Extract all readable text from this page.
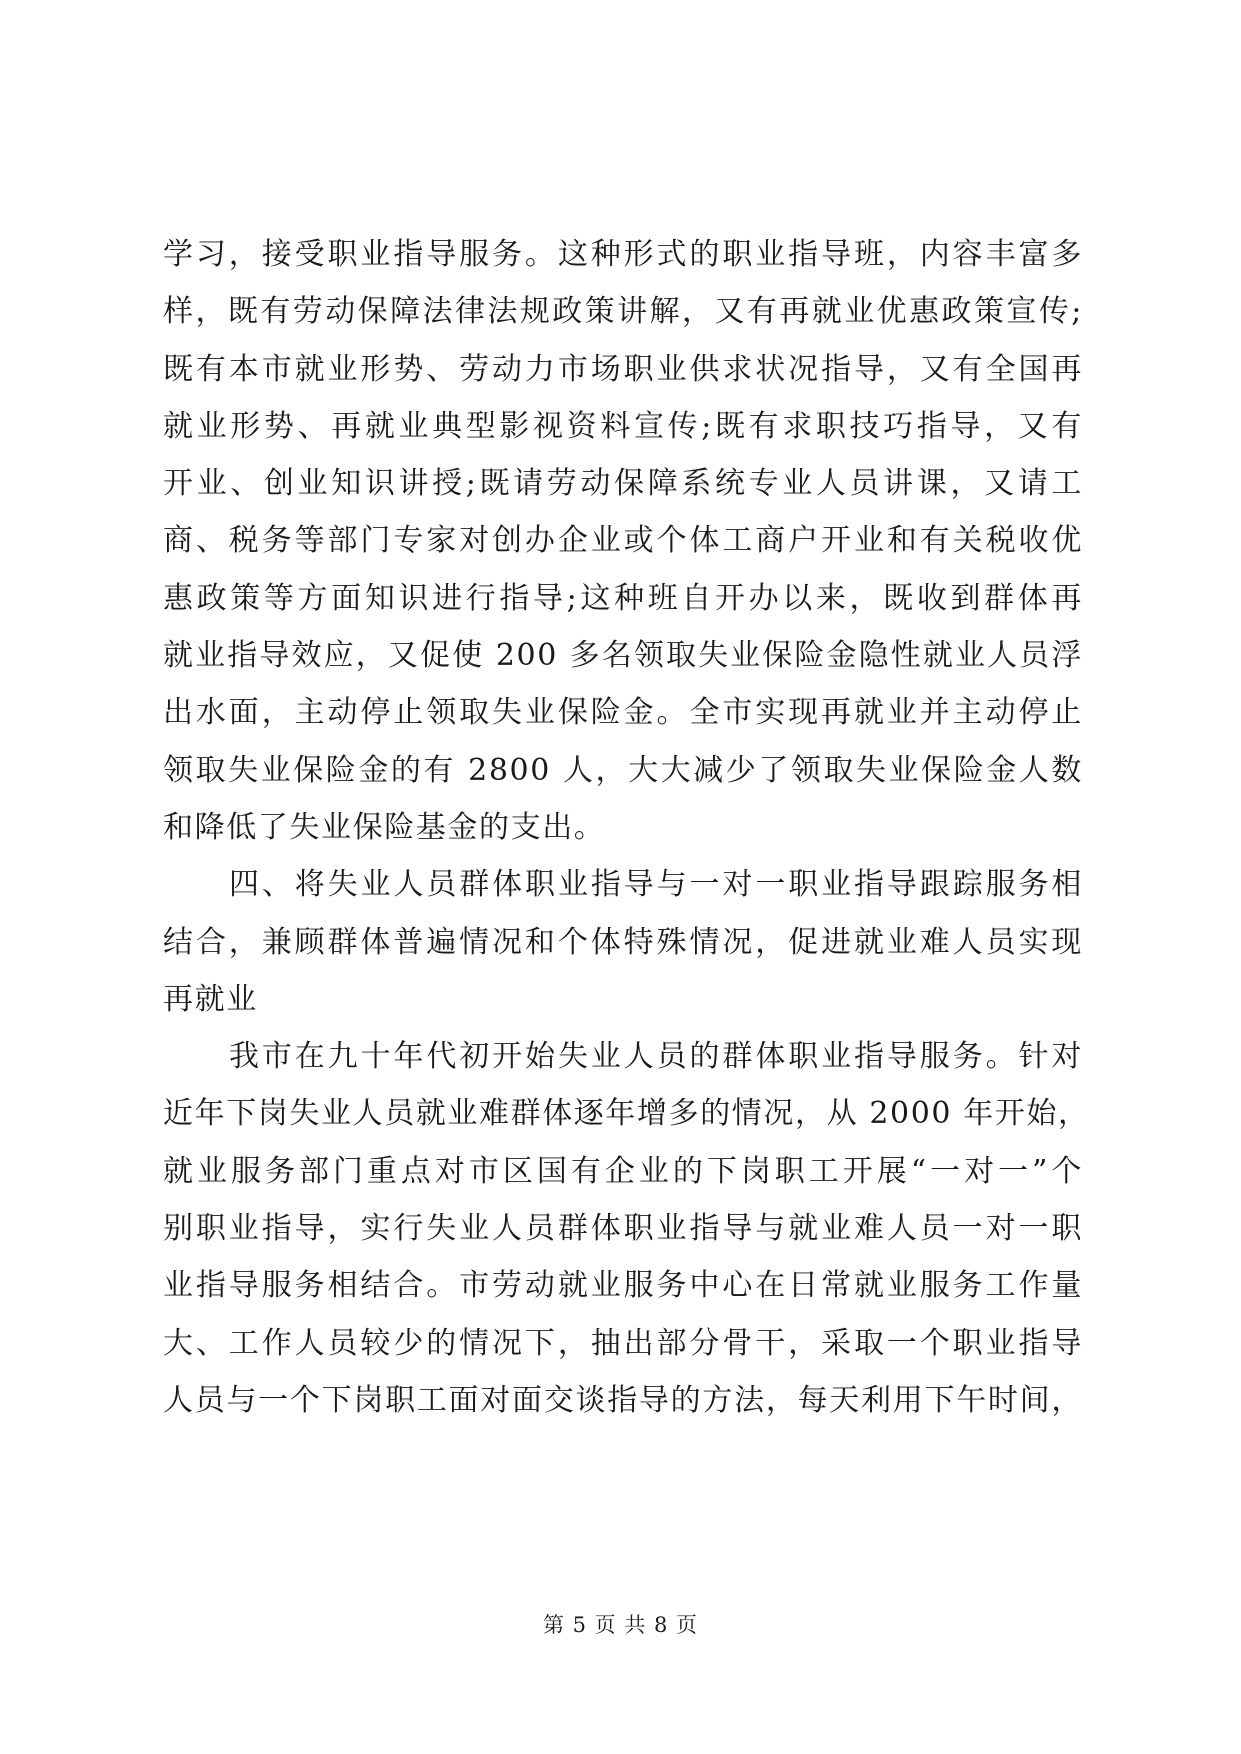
学习，接受职业指导服务。这种形式的职业指导班，内容丰富多
样，既有劳动保障法律法规政策讲解，又有再就业优惠政策宣传;
既有本市就业形势、劳动力市场职业供求状况指导，又有全国再
就业形势、再就业典型影视资料宣传;既有求职技巧指导，又有
开业、创业知识讲授;既请劳动保障系统专业人员讲课，又请工
商、税务等部门专家对创办企业或个体工商户开业和有关税收优
惠政策等方面知识进行指导;这种班自开办以来，既收到群体再
就业指导效应，又促使 200 多名领取失业保险金隐性就业人员浮
出水面，主动停止领取失业保险金。全市实现再就业并主动停止
领取失业保险金的有 2800 人，大大减少了领取失业保险金人数
和降低了失业保险基金的支出。
四、将失业人员群体职业指导与一对一职业指导跟踪服务相
结合，兼顾群体普遍情况和个体特殊情况，促进就业难人员实现
再就业
我市在九十年代初开始失业人员的群体职业指导服务。针对
近年下岗失业人员就业难群体逐年增多的情况，从 2000 年开始，
就业服务部门重点对市区国有企业的下岗职工开展“一对一”个
别职业指导，实行失业人员群体职业指导与就业难人员一对一职
业指导服务相结合。市劳动就业服务中心在日常就业服务工作量
大、工作人员较少的情况下，抽出部分骨干，采取一个职业指导
人员与一个下岗职工面对面交谈指导的方法，每天利用下午时间，
第 5 页 共 8 页
